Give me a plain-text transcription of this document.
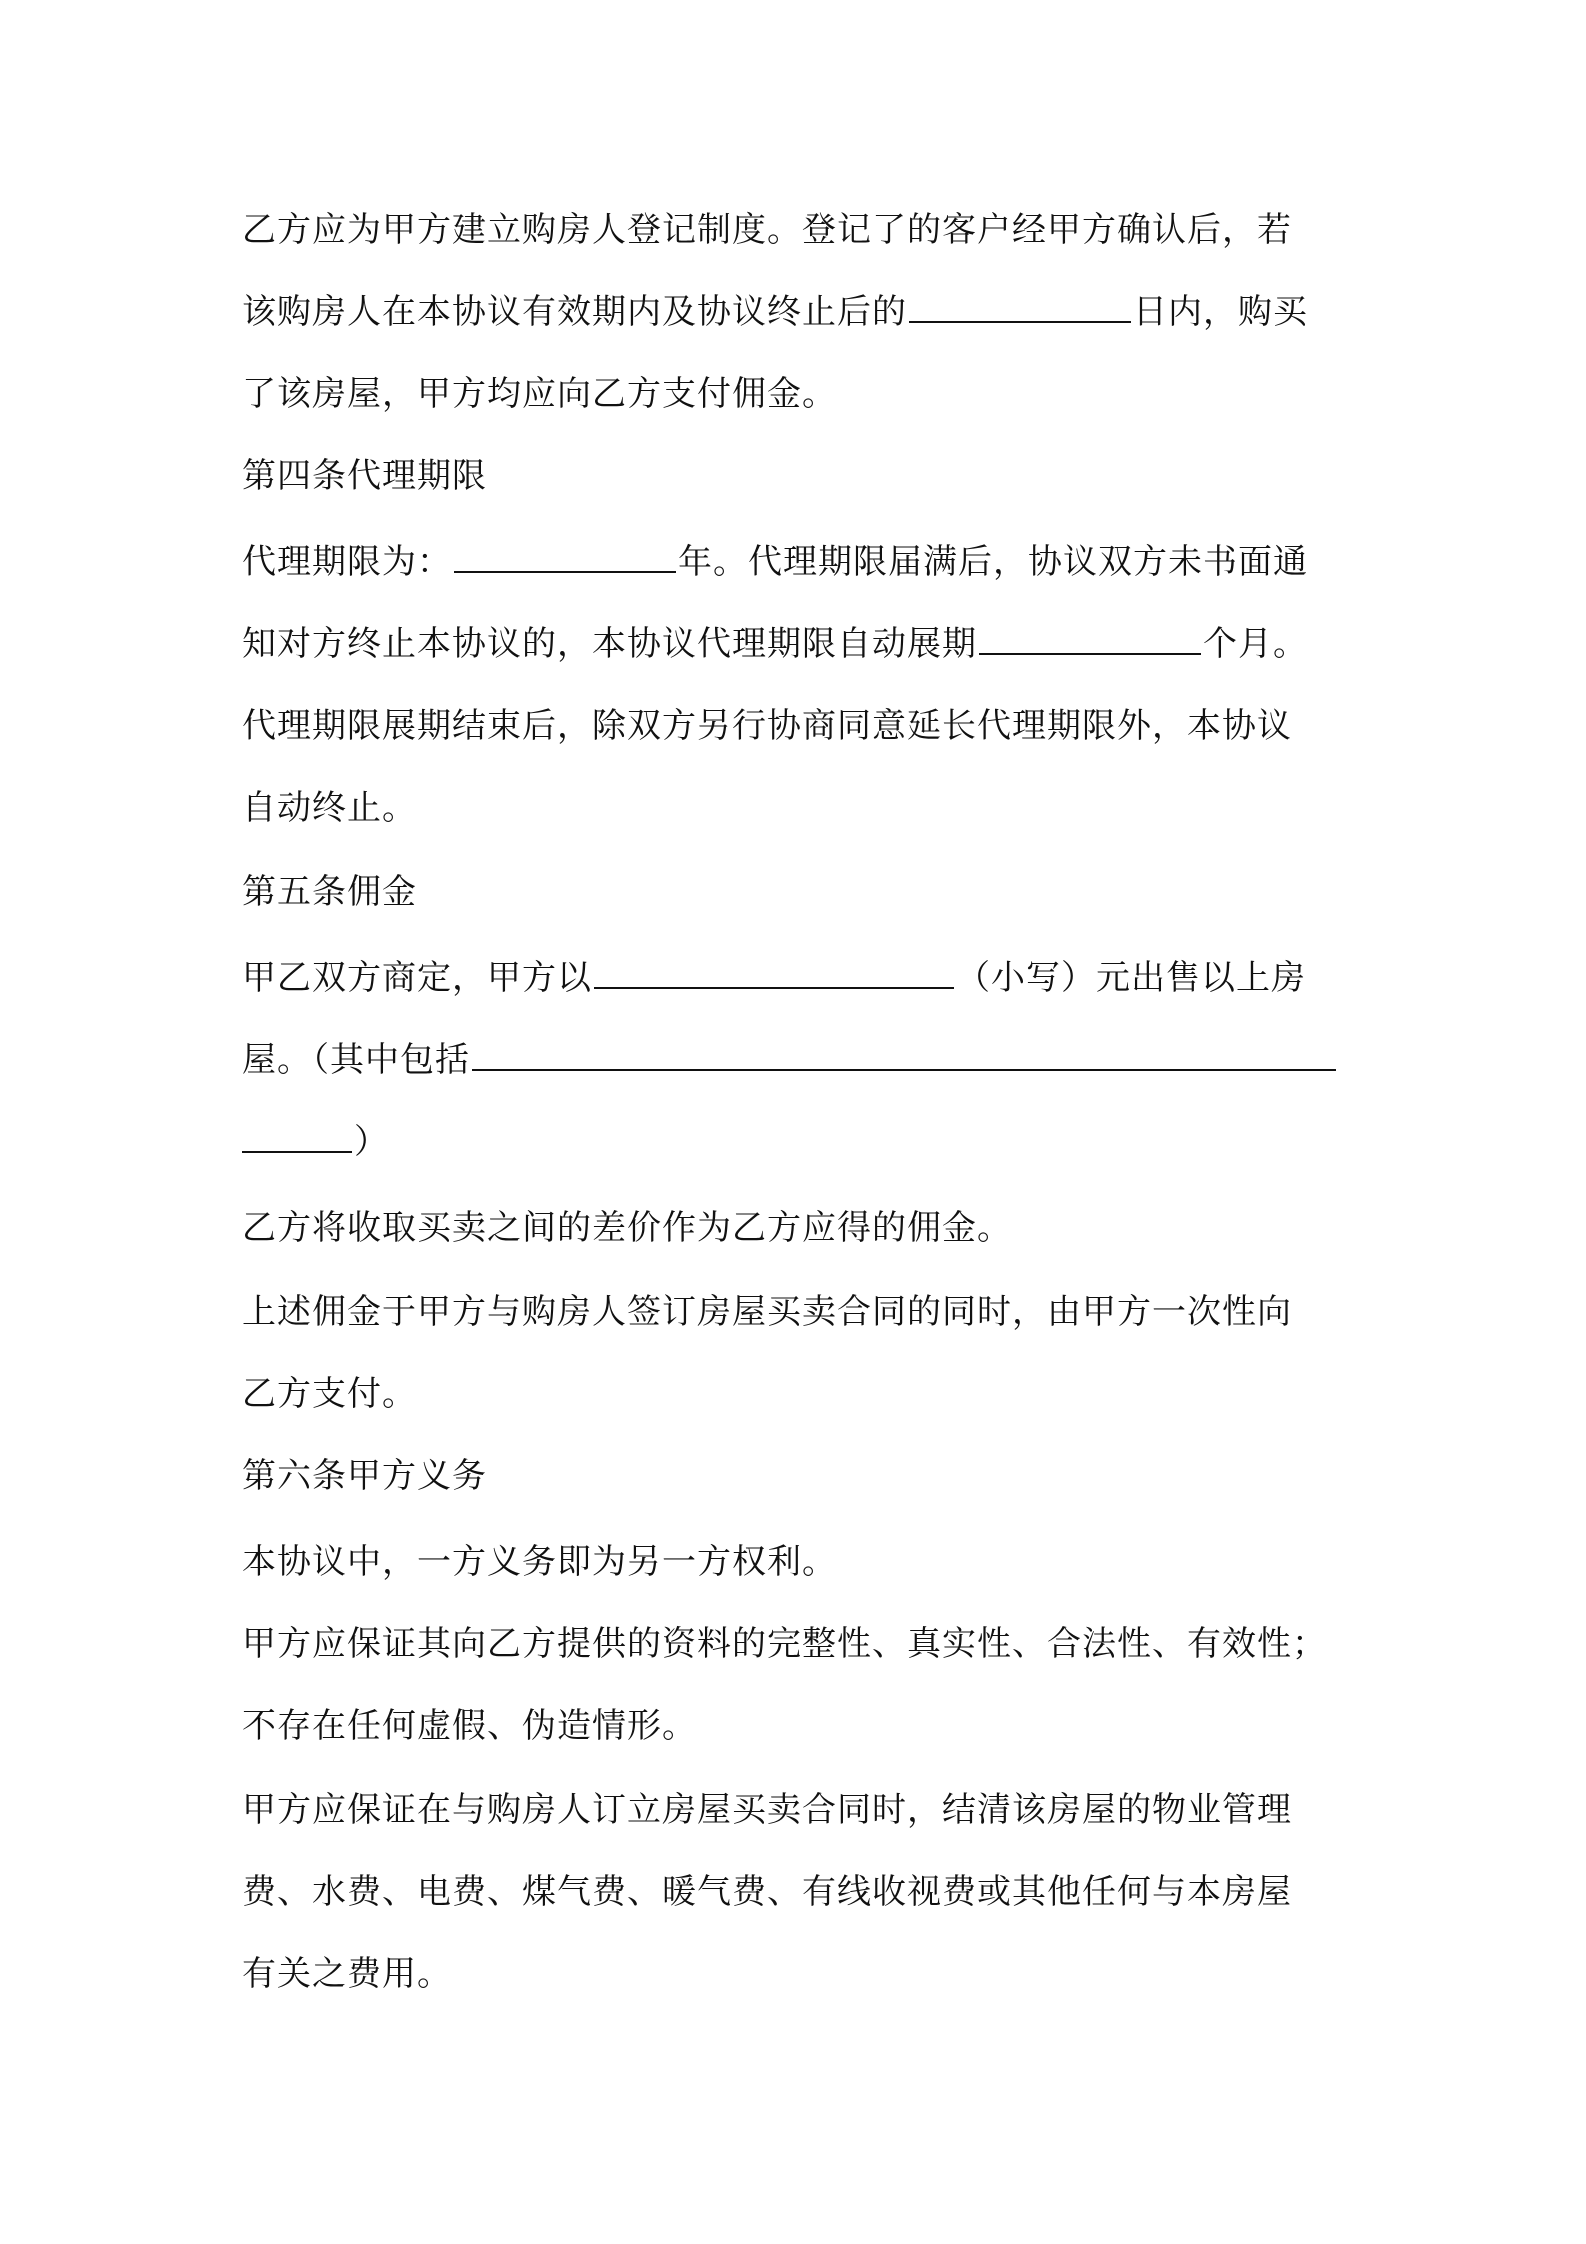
乙方应为甲方建立购房人登记制度。登记了的客户经甲方确认后，若
该购房人在本协议有效期内及协议终止后的	日内，购买
了该房屋，甲方均应向乙方支付佣金。
第四条代理期限
代理期限为：	年。代理期限届满后，协议双方未书面通
知对方终止本协议的，本协议代理期限自动展期	个月。
代理期限展期结束后，除双方另行协商同意延长代理期限外，本协议
自动终止。
第五条佣金
甲乙双方商定，甲方以	（小写）元出售以上房
屋。（其中包括
）
乙方将收取买卖之间的差价作为乙方应得的佣金。
上述佣金于甲方与购房人签订房屋买卖合同的同时，由甲方一次性向
乙方支付。
第六条甲方义务
本协议中，一方义务即为另一方权利。
甲方应保证其向乙方提供的资料的完整性、真实性、合法性、有效性；
不存在任何虚假、伪造情形。
甲方应保证在与购房人订立房屋买卖合同时，结清该房屋的物业管理
费、水费、电费、煤气费、暖气费、有线收视费或其他任何与本房屋
有关之费用。
